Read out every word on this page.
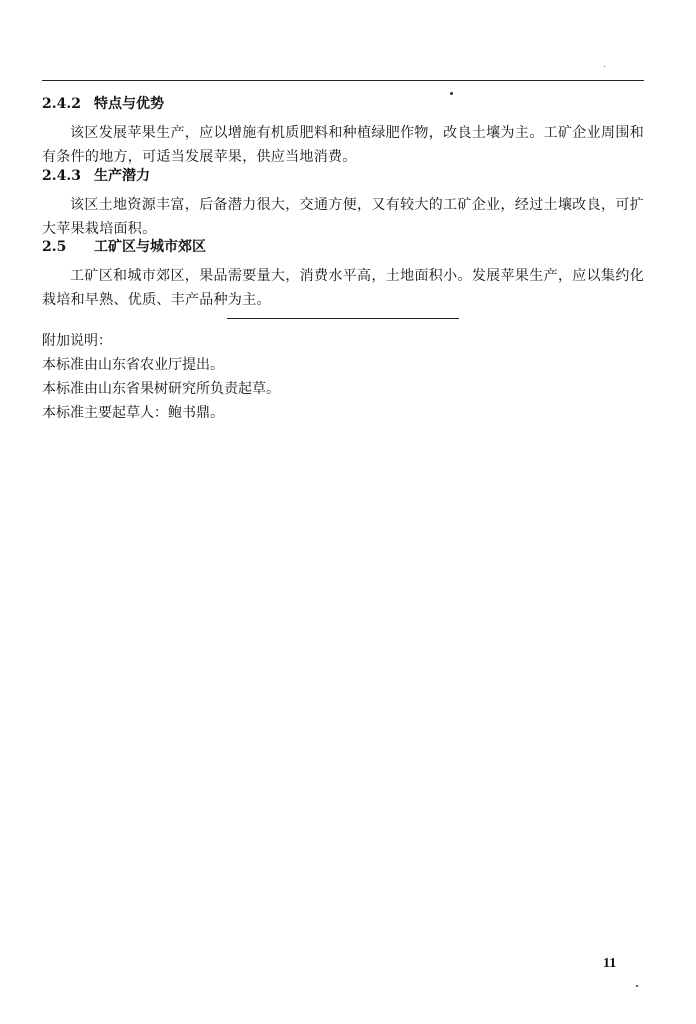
2.4.2 特点与优势
该区发展苹果生产，应以增施有机质肥料和种植绿肥作物，改良土壤为主。工矿企业周围和有条件的地方，可适当发展苹果，供应当地消费。
2.4.3 生产潜力
该区土地资源丰富，后备潜力很大，交通方便，又有较大的工矿企业，经过土壤改良，可扩大苹果栽培面积。
2.5 工矿区与城市郊区
工矿区和城市郊区，果品需要量大，消费水平高，土地面积小。发展苹果生产，应以集约化栽培和早熟、优质、丰产品种为主。
附加说明：
本标准由山东省农业厅提出。
本标准由山东省果树研究所负责起草。
本标准主要起草人：鲍书鼎。
11
